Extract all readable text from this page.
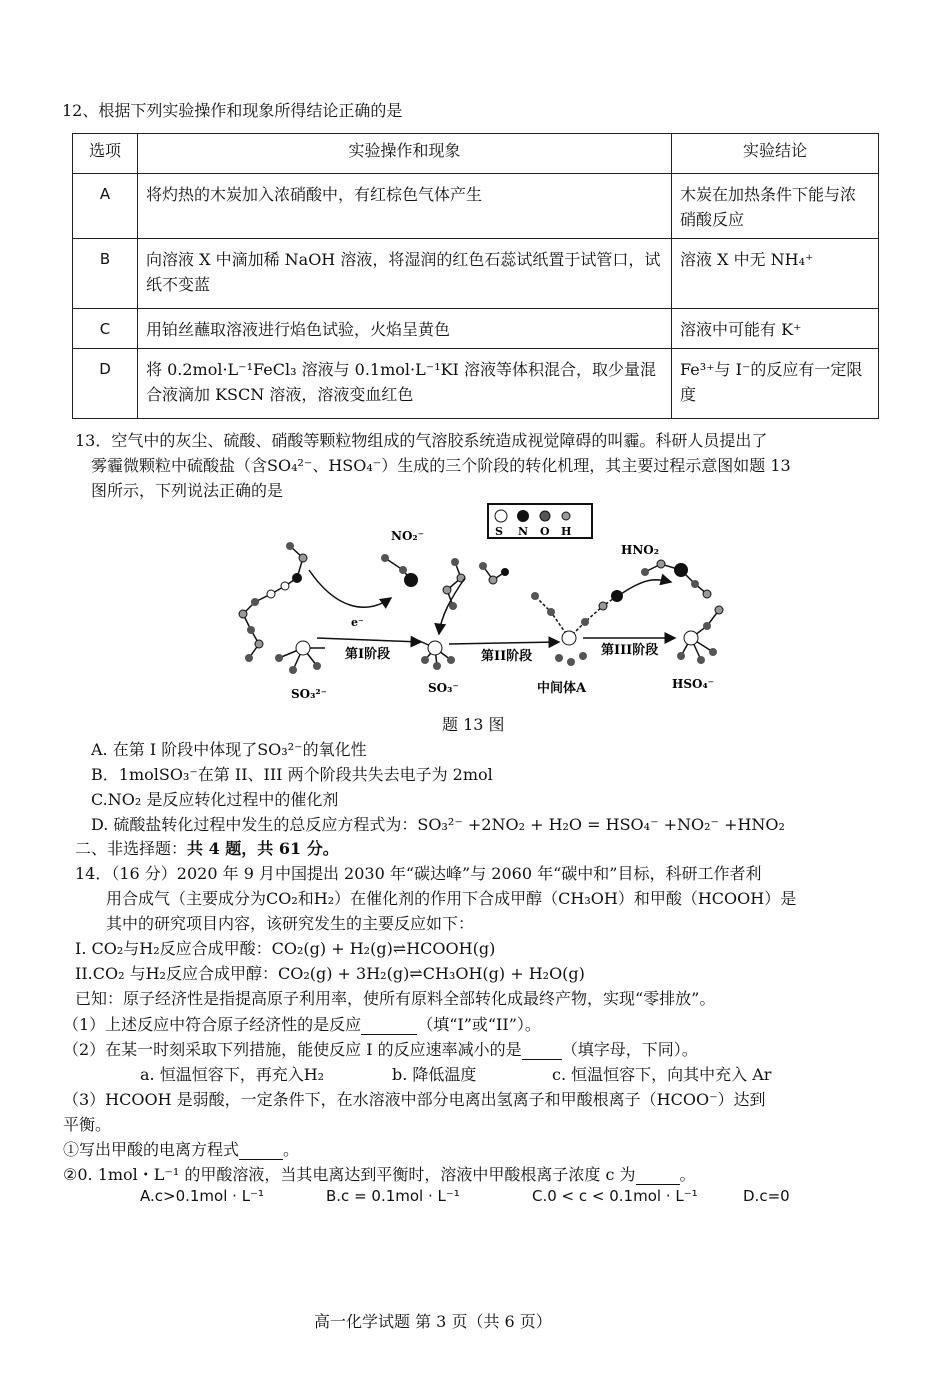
12、根据下列实验操作和现象所得结论正确的是
选项	实验操作和现象	实验结论
A	将灼热的木炭加入浓硝酸中，有红棕色气体产生	木炭在加热条件下能与浓硝酸反应
B	向溶液 X 中滴加稀 NaOH 溶液，将湿润的红色石蕊试纸置于试管口，试纸不变蓝	溶液 X 中无 NH₄⁺
C	用铂丝蘸取溶液进行焰色试验，火焰呈黄色	溶液中可能有 K⁺
D	将 0.2mol·L⁻¹FeCl₃ 溶液与 0.1mol·L⁻¹KI 溶液等体积混合，取少量混合液滴加 KSCN 溶液，溶液变血红色	Fe³⁺与 I⁻的反应有一定限度
13．空气中的灰尘、硫酸、硝酸等颗粒物组成的气溶胶系统造成视觉障碍的叫霾。科研人员提出了
雾霾微颗粒中硫酸盐（含SO₄²⁻、HSO₄⁻）生成的三个阶段的转化机理，其主要过程示意图如题 13
图所示，下列说法正确的是
S N O H
NO₂⁻
e⁻
第I阶段	第II阶段	第III阶段
HNO₂
SO₃²⁻	SO₃⁻	中间体A	HSO₄⁻
题 13 图
A. 在第 I 阶段中体现了SO₃²⁻的氧化性
B．1molSO₃⁻在第 II、III 两个阶段共失去电子为 2mol
C.NO₂ 是反应转化过程中的催化剂
D. 硫酸盐转化过程中发生的总反应方程式为：SO₃²⁻ +2NO₂ + H₂O = HSO₄⁻ +NO₂⁻ +HNO₂
二、非选择题：共 4 题，共 61 分。
14．（16 分）2020 年 9 月中国提出 2030 年“碳达峰”与 2060 年“碳中和”目标，科研工作者利
用合成气（主要成分为CO₂和H₂）在催化剂的作用下合成甲醇（CH₃OH）和甲酸（HCOOH）是
其中的研究项目内容，该研究发生的主要反应如下：
I. CO₂与H₂反应合成甲酸：CO₂(g) + H₂(g)⇌HCOOH(g)
II.CO₂ 与H₂反应合成甲醇：CO₂(g) + 3H₂(g)⇌CH₃OH(g) + H₂O(g)
已知：原子经济性是指提高原子利用率，使所有原料全部转化成最终产物，实现“零排放”。
（1）上述反应中符合原子经济性的是反应	（填“I”或“II”）。
（2）在某一时刻采取下列措施，能使反应 I 的反应速率减小的是	（填字母，下同）。
a. 恒温恒容下，再充入H₂	b. 降低温度	c. 恒温恒容下，向其中充入 Ar
（3）HCOOH 是弱酸，一定条件下，在水溶液中部分电离出氢离子和甲酸根离子（HCOO⁻）达到
平衡。
①写出甲酸的电离方程式	。
②0. 1mol・L⁻¹ 的甲酸溶液，当其电离达到平衡时，溶液中甲酸根离子浓度 c 为	。
A.c>0.1mol · L⁻¹	B.c = 0.1mol · L⁻¹	C.0 < c < 0.1mol · L⁻¹	D.c=0
高一化学试题 第 3 页（共 6 页）
